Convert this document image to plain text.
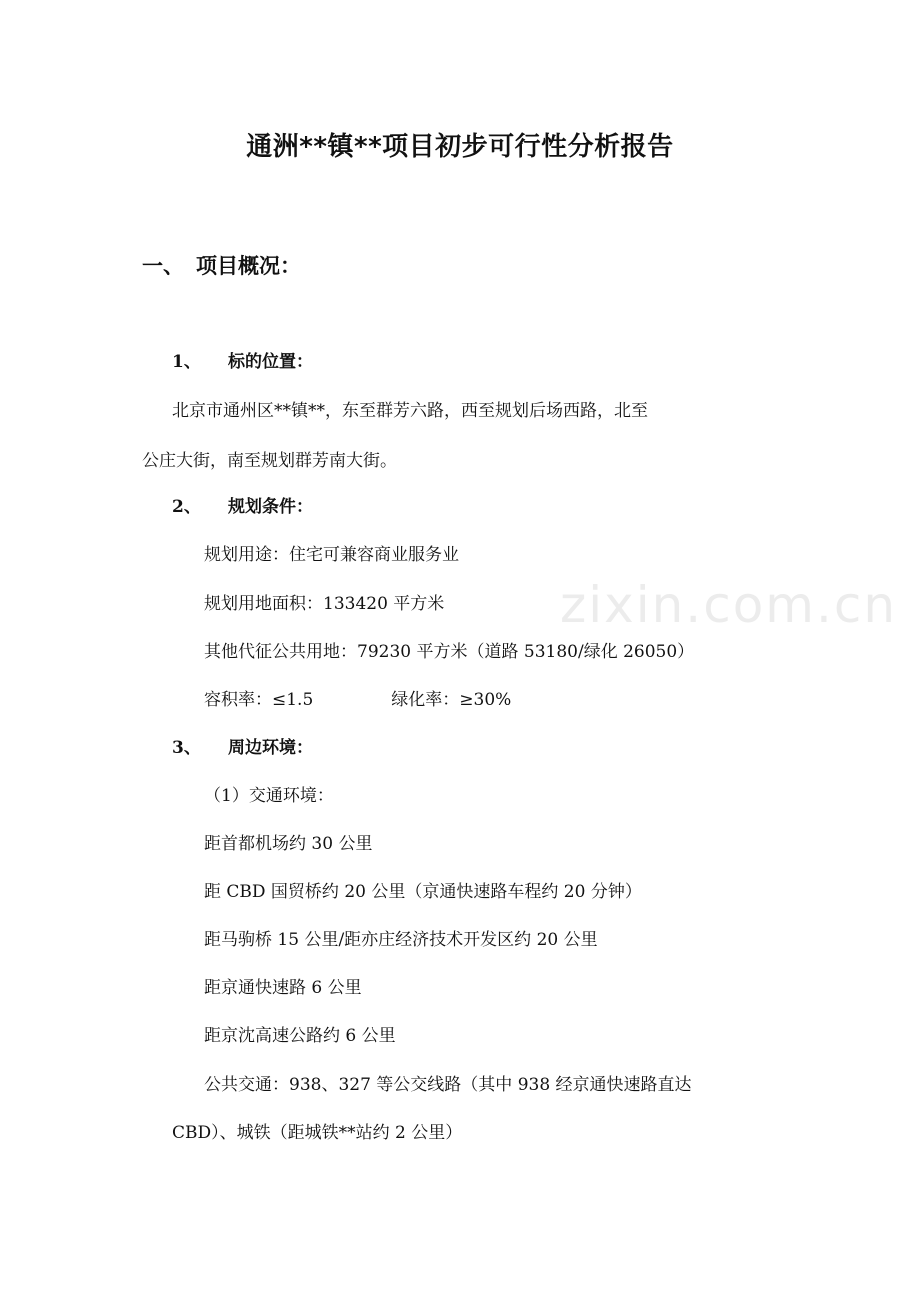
通洲**镇**项目初步可行性分析报告
一、 项目概况：
1、 标的位置：

北京市通州区**镇**，东至群芳六路，西至规划后场西路，北至

公庄大街，南至规划群芳南大街。

2、 规划条件：

规划用途：住宅可兼容商业服务业

规划用地面积：133420 平方米

其他代征公共用地：79230 平方米（道路 53180/绿化 26050）

容积率：≤1.5	绿化率：≥30%

3、 周边环境：

（1）交通环境：

距首都机场约 30 公里

距 CBD 国贸桥约 20 公里（京通快速路车程约 20 分钟）

距马驹桥 15 公里/距亦庄经济技术开发区约 20 公里

距京通快速路 6 公里

距京沈高速公路约 6 公里

公共交通：938、327 等公交线路（其中 938 经京通快速路直达

CBD）、城铁（距城铁**站约 2 公里）

zixin.com.cn
